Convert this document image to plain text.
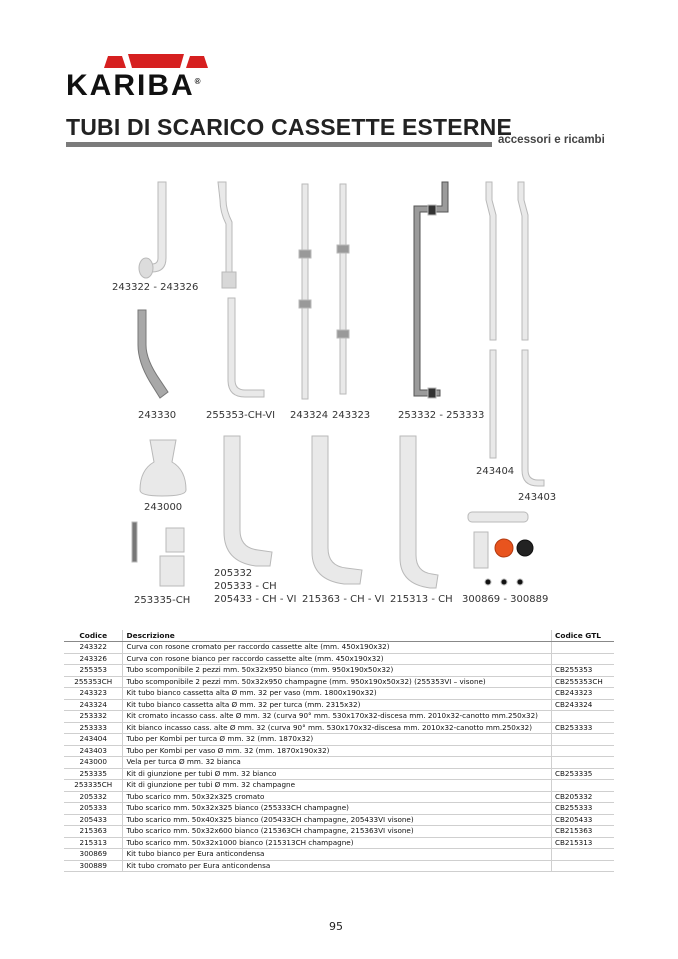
KARIBA®
TUBI DI SCARICO CASSETTE ESTERNE
accessori e ricambi
243322 - 243326
243330	255353-CH-VI 243324 243323	253332 - 253333
243404
243403
243000
253335-CH
205332
205333 - CH
205433 - CH - VI 215363 - CH - VI 215313 - CH 300869 - 300889
Codice	Descrizione	Codice GTL
243322	Curva con rosone cromato per raccordo cassette alte (mm. 450x190x32)	
243326	Curva con rosone bianco per raccordo cassette alte (mm. 450x190x32)	
255353	Tubo scomponibile 2 pezzi mm. 50x32x950 bianco (mm. 950x190x50x32)	CB255353
255353CH	Tubo scomponibile 2 pezzi mm. 50x32x950 champagne (mm. 950x190x50x32) (255353VI – visone)	CB255353CH
243323	Kit tubo bianco cassetta alta Ø mm. 32 per vaso (mm. 1800x190x32)	CB243323
243324	Kit tubo bianco cassetta alta Ø mm. 32 per turca (mm. 2315x32)	CB243324
253332	Kit cromato incasso cass. alte Ø mm. 32 (curva 90° mm. 530x170x32-discesa mm. 2010x32-canotto mm.250x32)	
253333	Kit bianco incasso cass. alte Ø mm. 32 (curva 90° mm. 530x170x32-discesa mm. 2010x32-canotto mm.250x32)	CB253333
243404	Tubo per Kombi per turca Ø mm. 32 (mm. 1870x32)	
243403	Tubo per Kombi per vaso Ø mm. 32 (mm. 1870x190x32)	
243000	Vela per turca Ø mm. 32 bianca	
253335	Kit di giunzione per tubi Ø mm. 32 bianco	CB253335
253335CH	Kit di giunzione per tubi Ø mm. 32 champagne	
205332	Tubo scarico mm. 50x32x325 cromato	CB205332
205333	Tubo scarico mm. 50x32x325 bianco (255333CH champagne)	CB255333
205433	Tubo scarico mm. 50x40x325 bianco (205433CH champagne, 205433VI visone)	CB205433
215363	Tubo scarico mm. 50x32x600 bianco (215363CH champagne, 215363VI visone)	CB215363
215313	Tubo scarico mm. 50x32x1000 bianco (215313CH champagne)	CB215313
300869	Kit tubo bianco per Eura anticondensa	
300889	Kit tubo cromato per Eura anticondensa	
95
